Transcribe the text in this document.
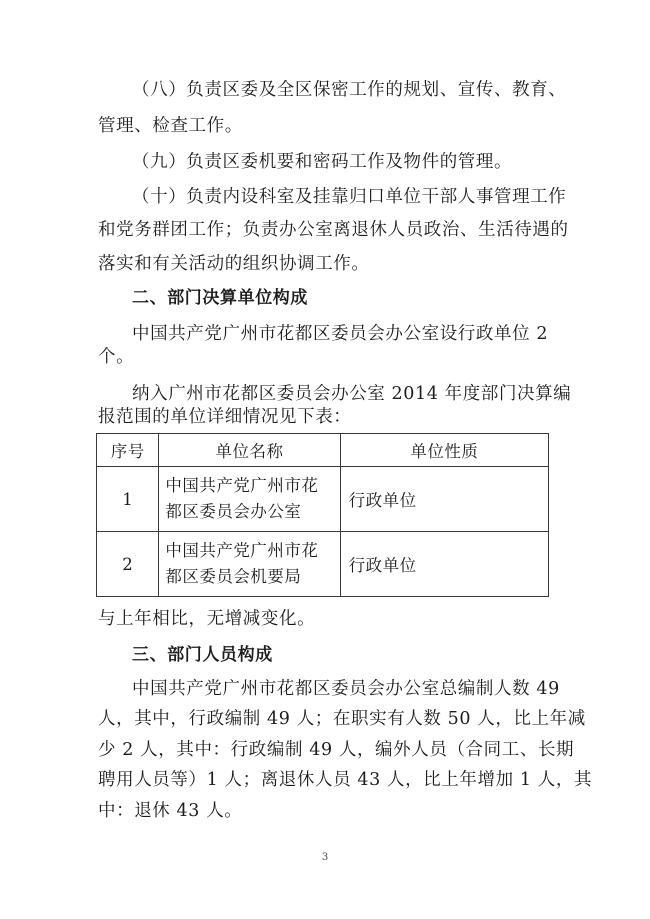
（八）负责区委及全区保密工作的规划、宣传、教育、
管理、检查工作。
（九）负责区委机要和密码工作及物件的管理。
（十）负责内设科室及挂靠归口单位干部人事管理工作
和党务群团工作；负责办公室离退休人员政治、生活待遇的
落实和有关活动的组织协调工作。
二、部门决算单位构成
中国共产党广州市花都区委员会办公室设行政单位 2
个。
纳入广州市花都区委员会办公室 2014 年度部门决算编
报范围的单位详细情况见下表：
序号	单位名称	单位性质
1	中国共产党广州市花
都区委员会办公室	行政单位
2	中国共产党广州市花
都区委员会机要局	行政单位
与上年相比，无增减变化。
三、部门人员构成
中国共产党广州市花都区委员会办公室总编制人数 49
人，其中，行政编制 49 人；在职实有人数 50 人，比上年减
少 2 人，其中：行政编制 49 人，编外人员（合同工、长期
聘用人员等）1 人；离退休人员 43 人，比上年增加 1 人，其
中：退休 43 人。
3
